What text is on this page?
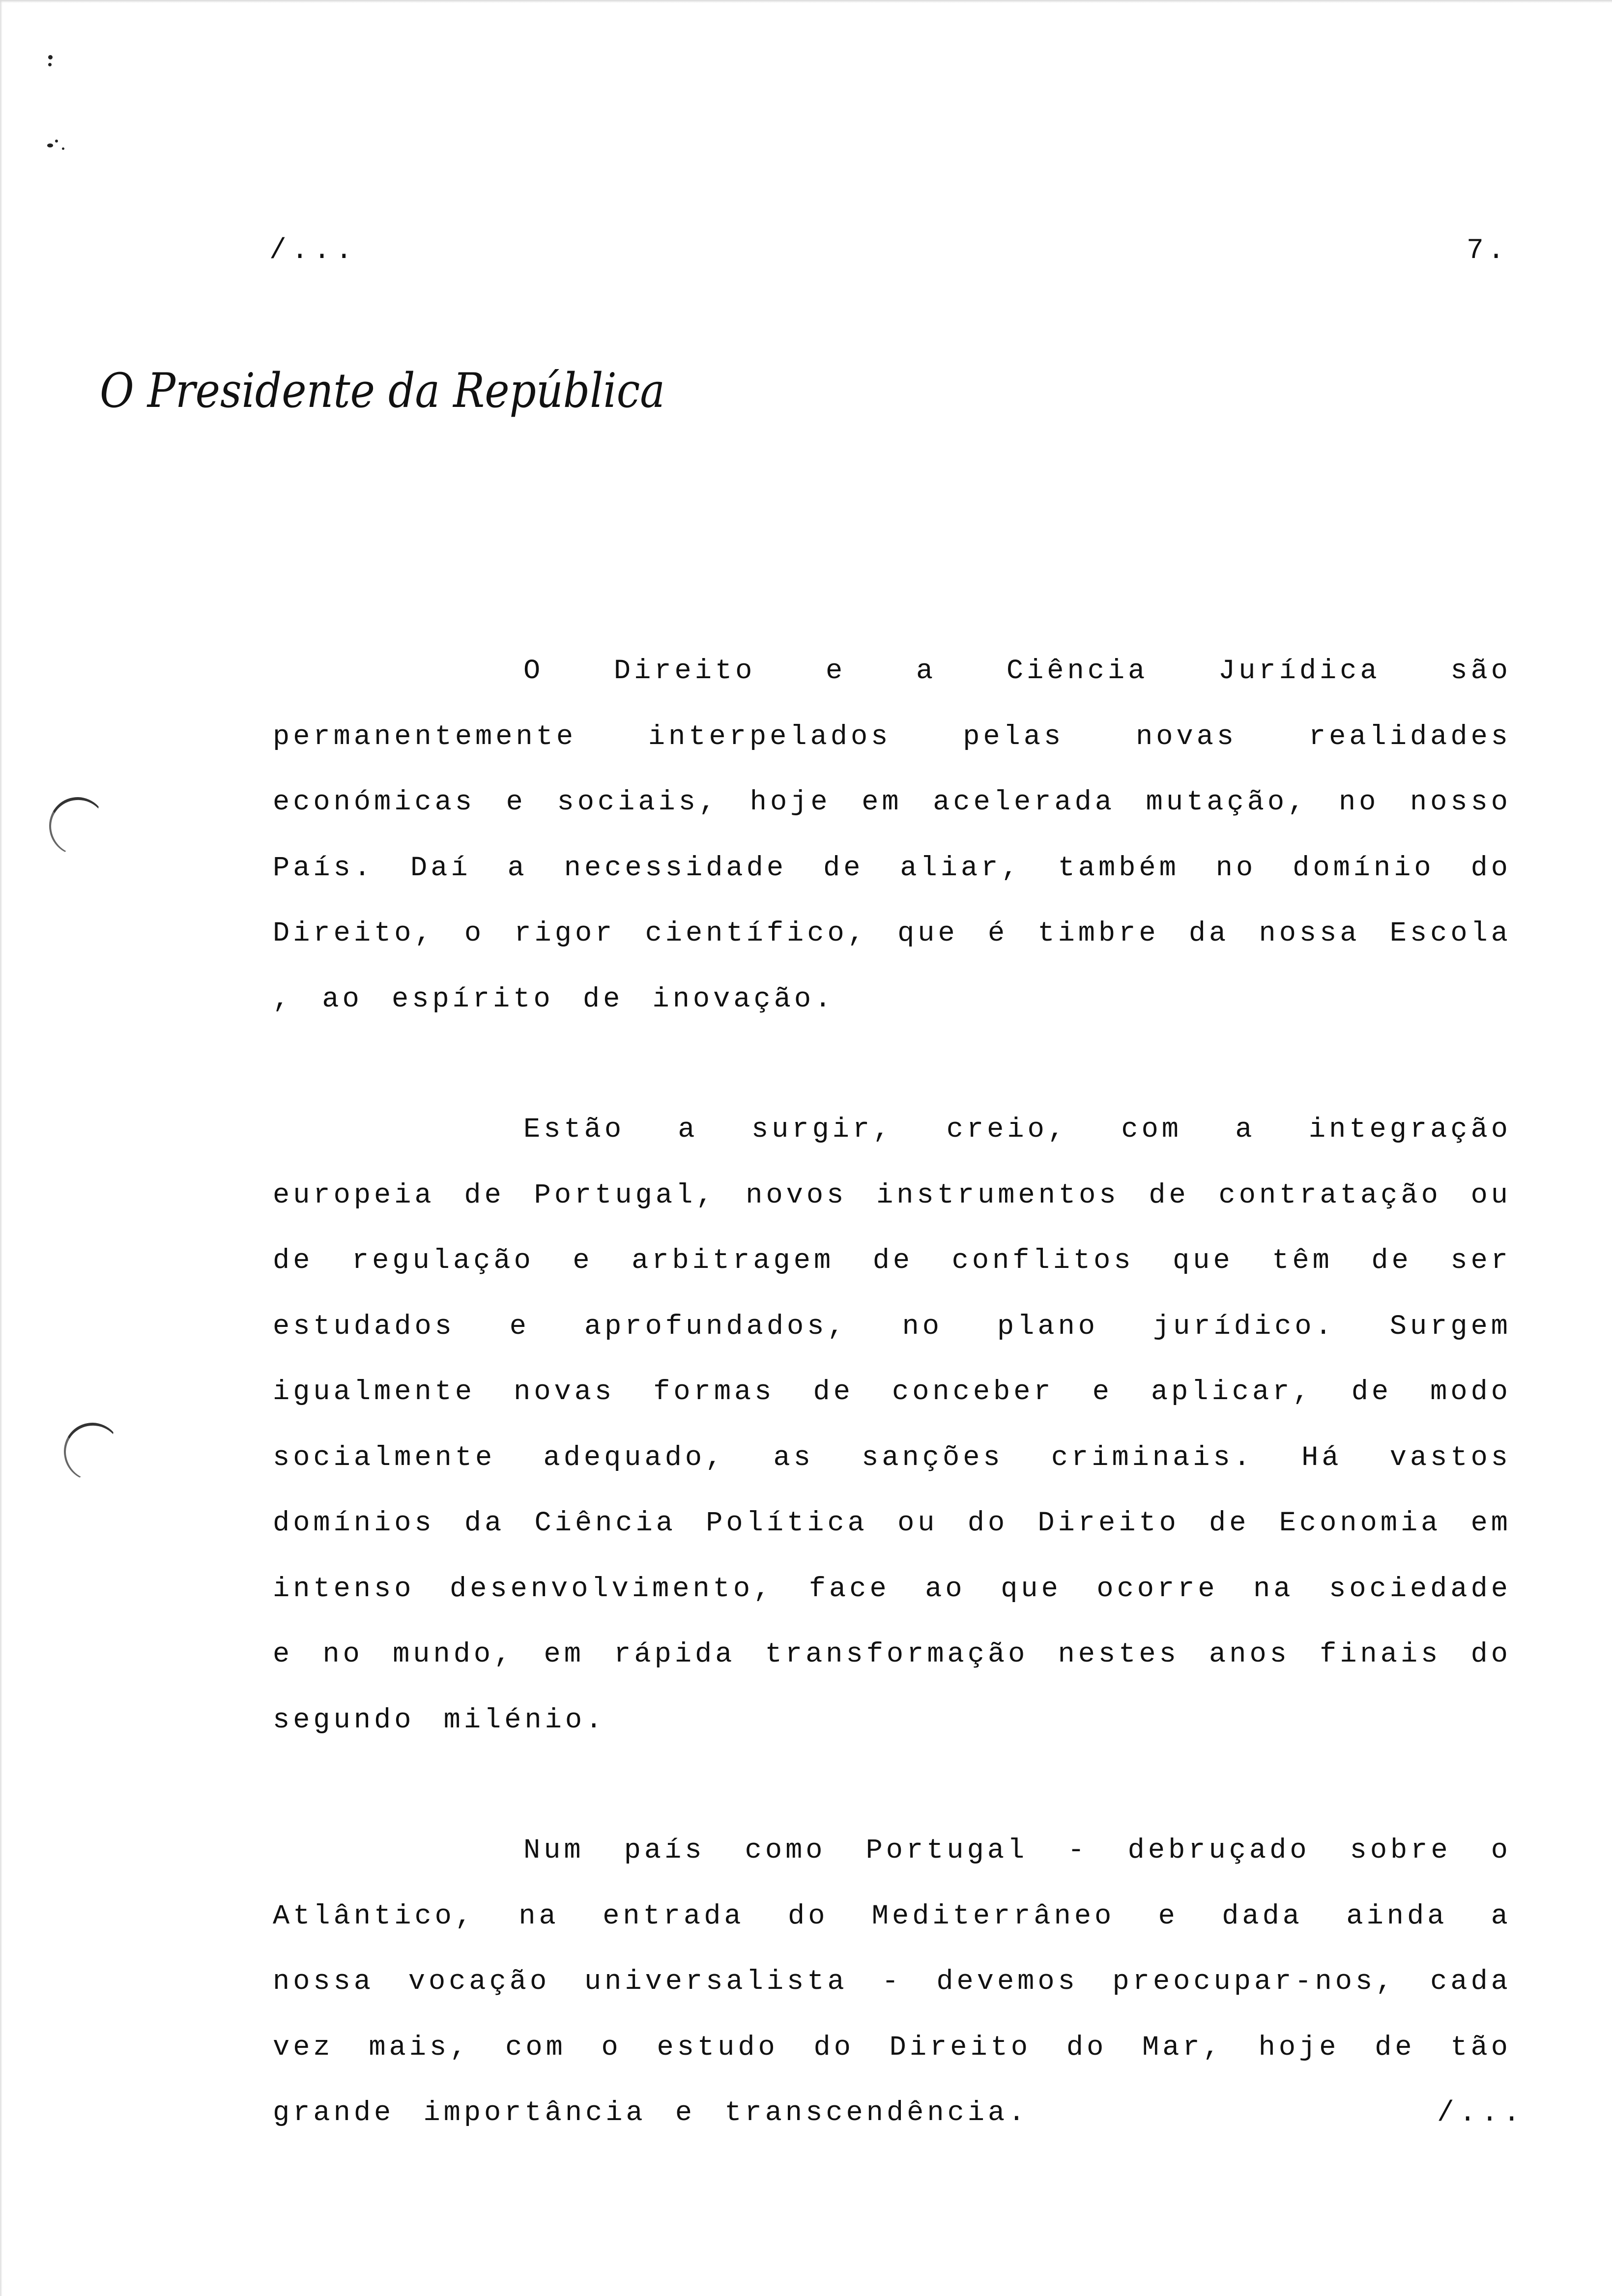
/...	7.
O Presidente da República

O Direito e a Ciência Jurídica são permanentemente interpelados pelas novas realidades económicas e sociais, hoje em acelerada mutação, no nosso País. Daí a necessidade de aliar, também no domínio do Direito, o rigor científico, que é timbre da nossa Escola , ao espírito de inovação.

Estão a surgir, creio, com a integração europeia de Portugal, novos instrumentos de contratação ou de regulação e arbitragem de conflitos que têm de ser estudados e aprofundados, no plano jurídico. Surgem igualmente novas formas de conceber e aplicar, de modo socialmente adequado, as sanções criminais. Há vastos domínios da Ciência Política ou do Direito de Economia em intenso desenvolvimento, face ao que ocorre na sociedade e no mundo, em rápida transformação nestes anos finais do segundo milénio.

Num país como Portugal - debruçado sobre o Atlântico, na entrada do Mediterrâneo e dada ainda a nossa vocação universalista - devemos preocupar-nos, cada vez mais, com o estudo do Direito do Mar, hoje de tão grande importância e transcendência.	/...
